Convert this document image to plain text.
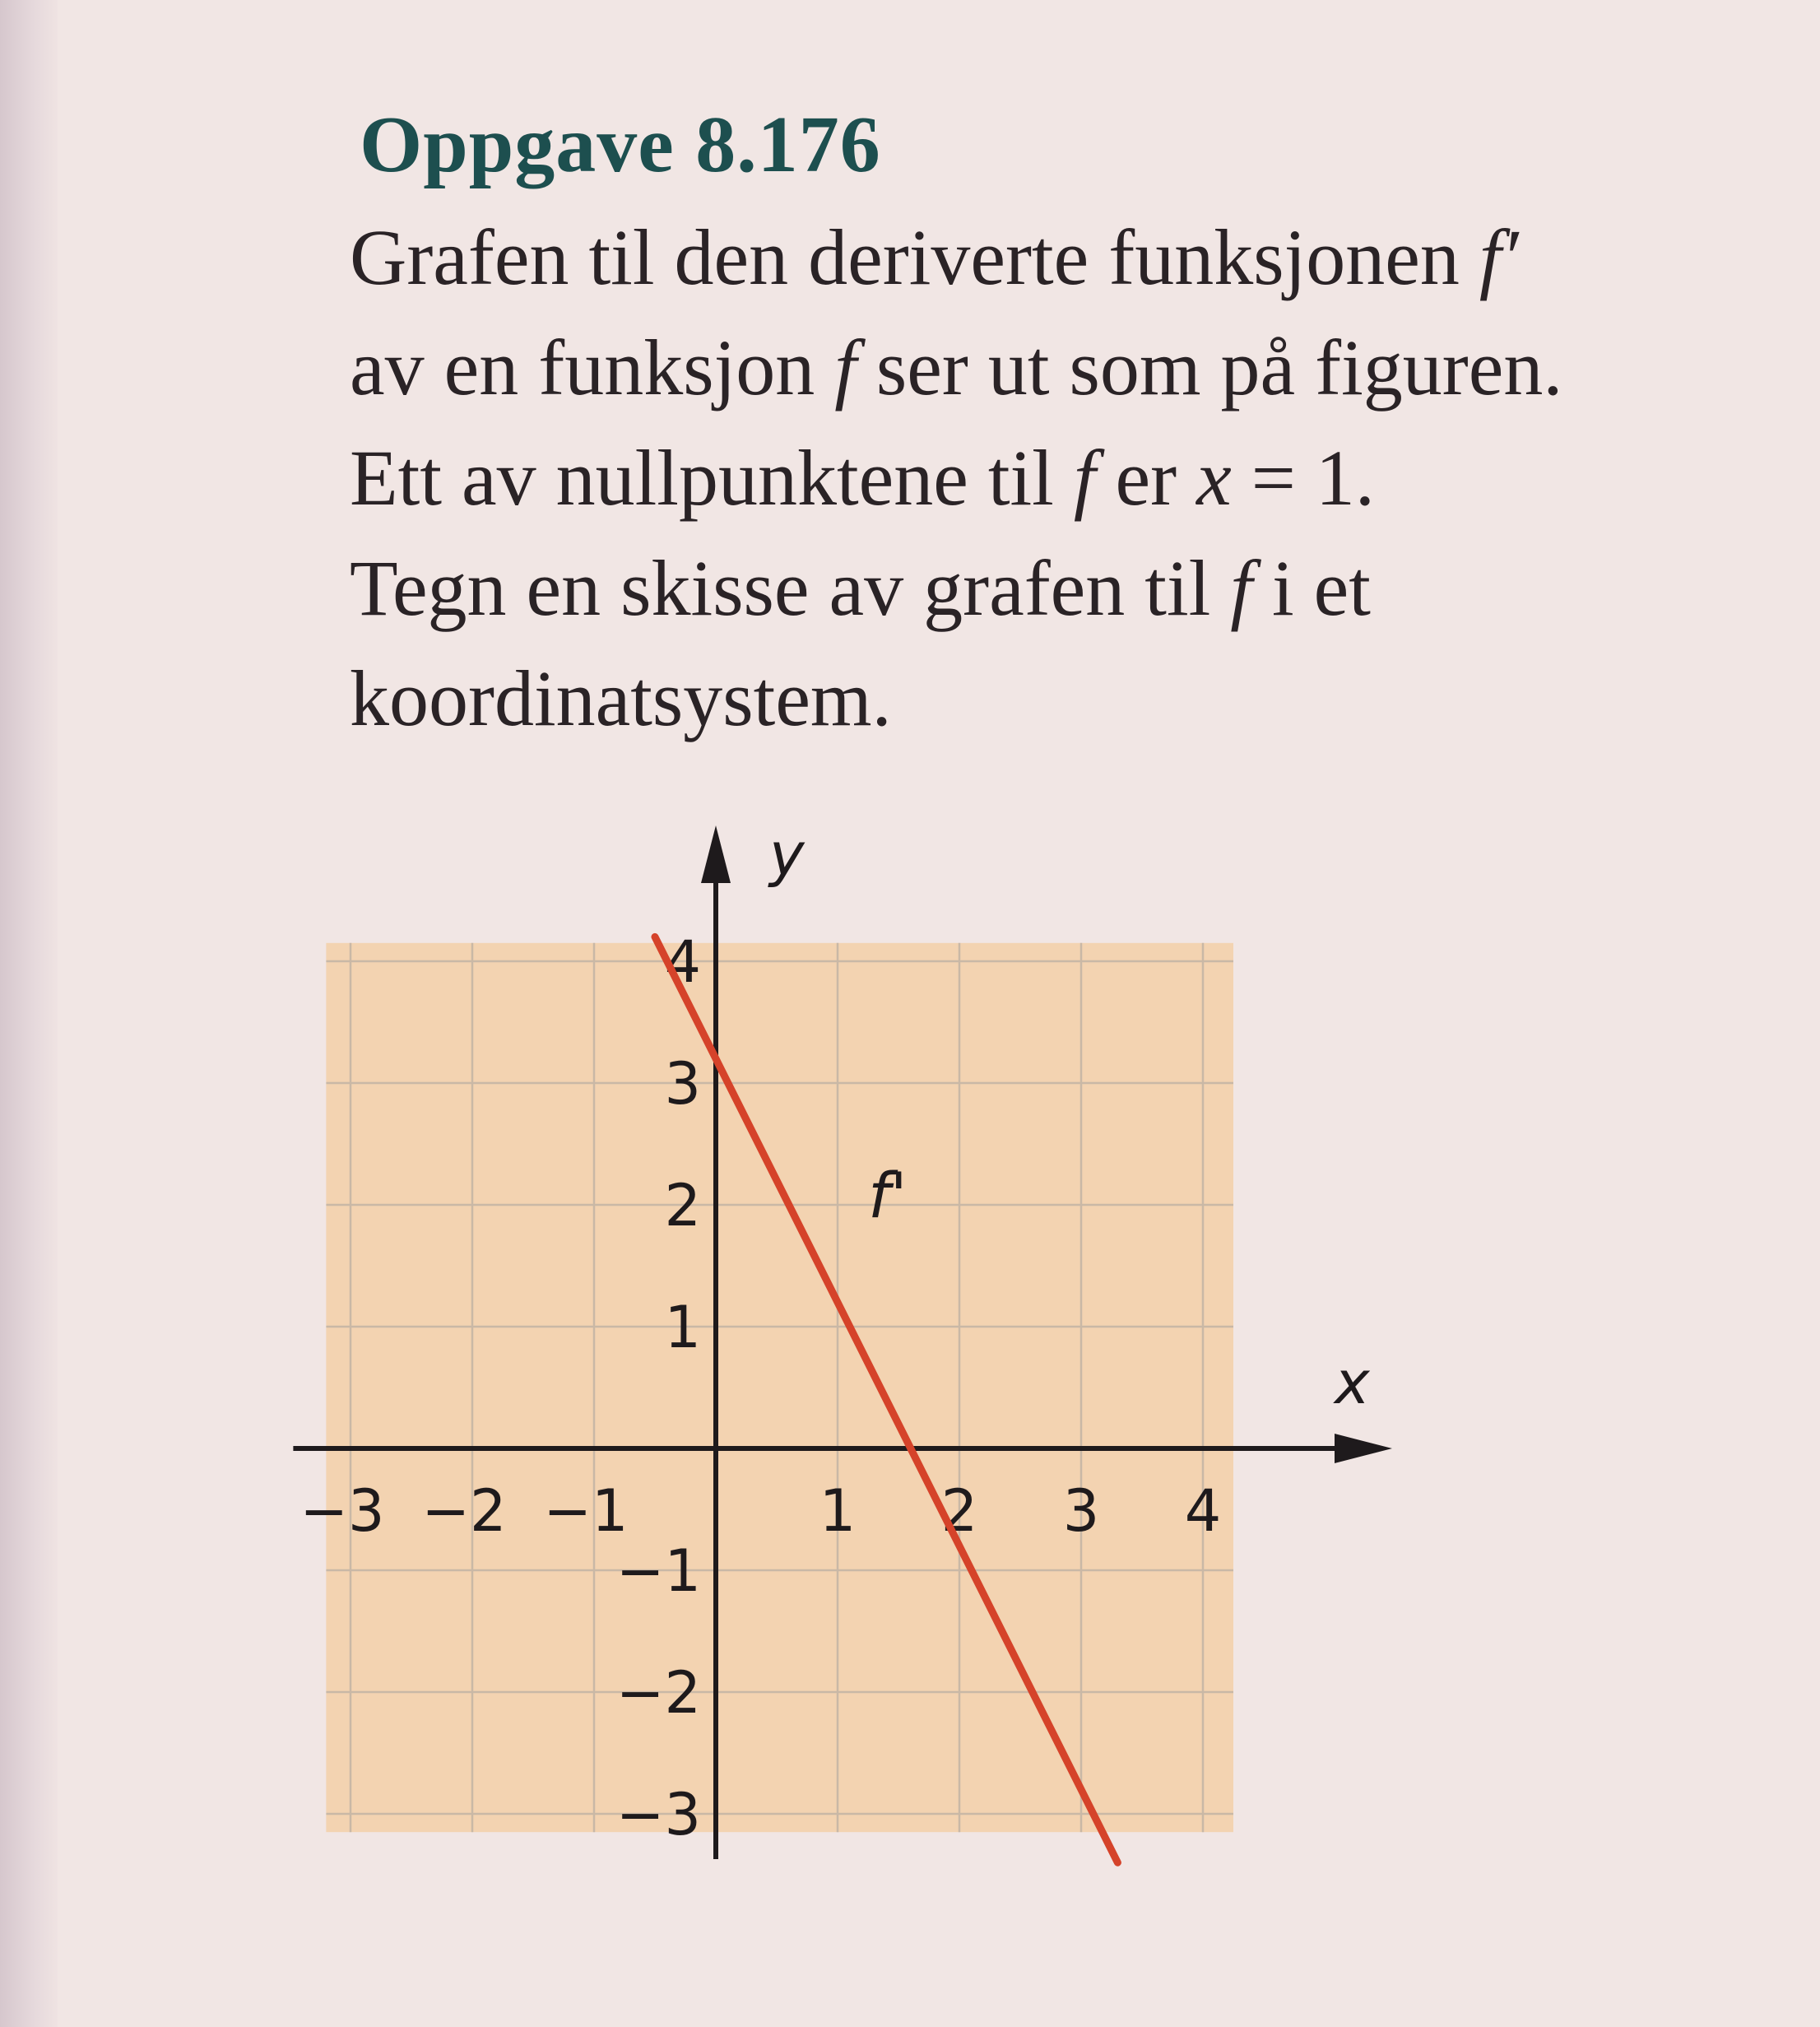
Oppgave 8.176

Grafen til den deriverte funksjonen f′

av en funksjon f ser ut som på figuren.

Ett av nullpunktene til f er x = 1.

Tegn en skisse av grafen til f i et

koordinatsystem.

x
y
−3 −2 −1	1 2 3 4
4
3
2
1
−1
−2
−3
f'
